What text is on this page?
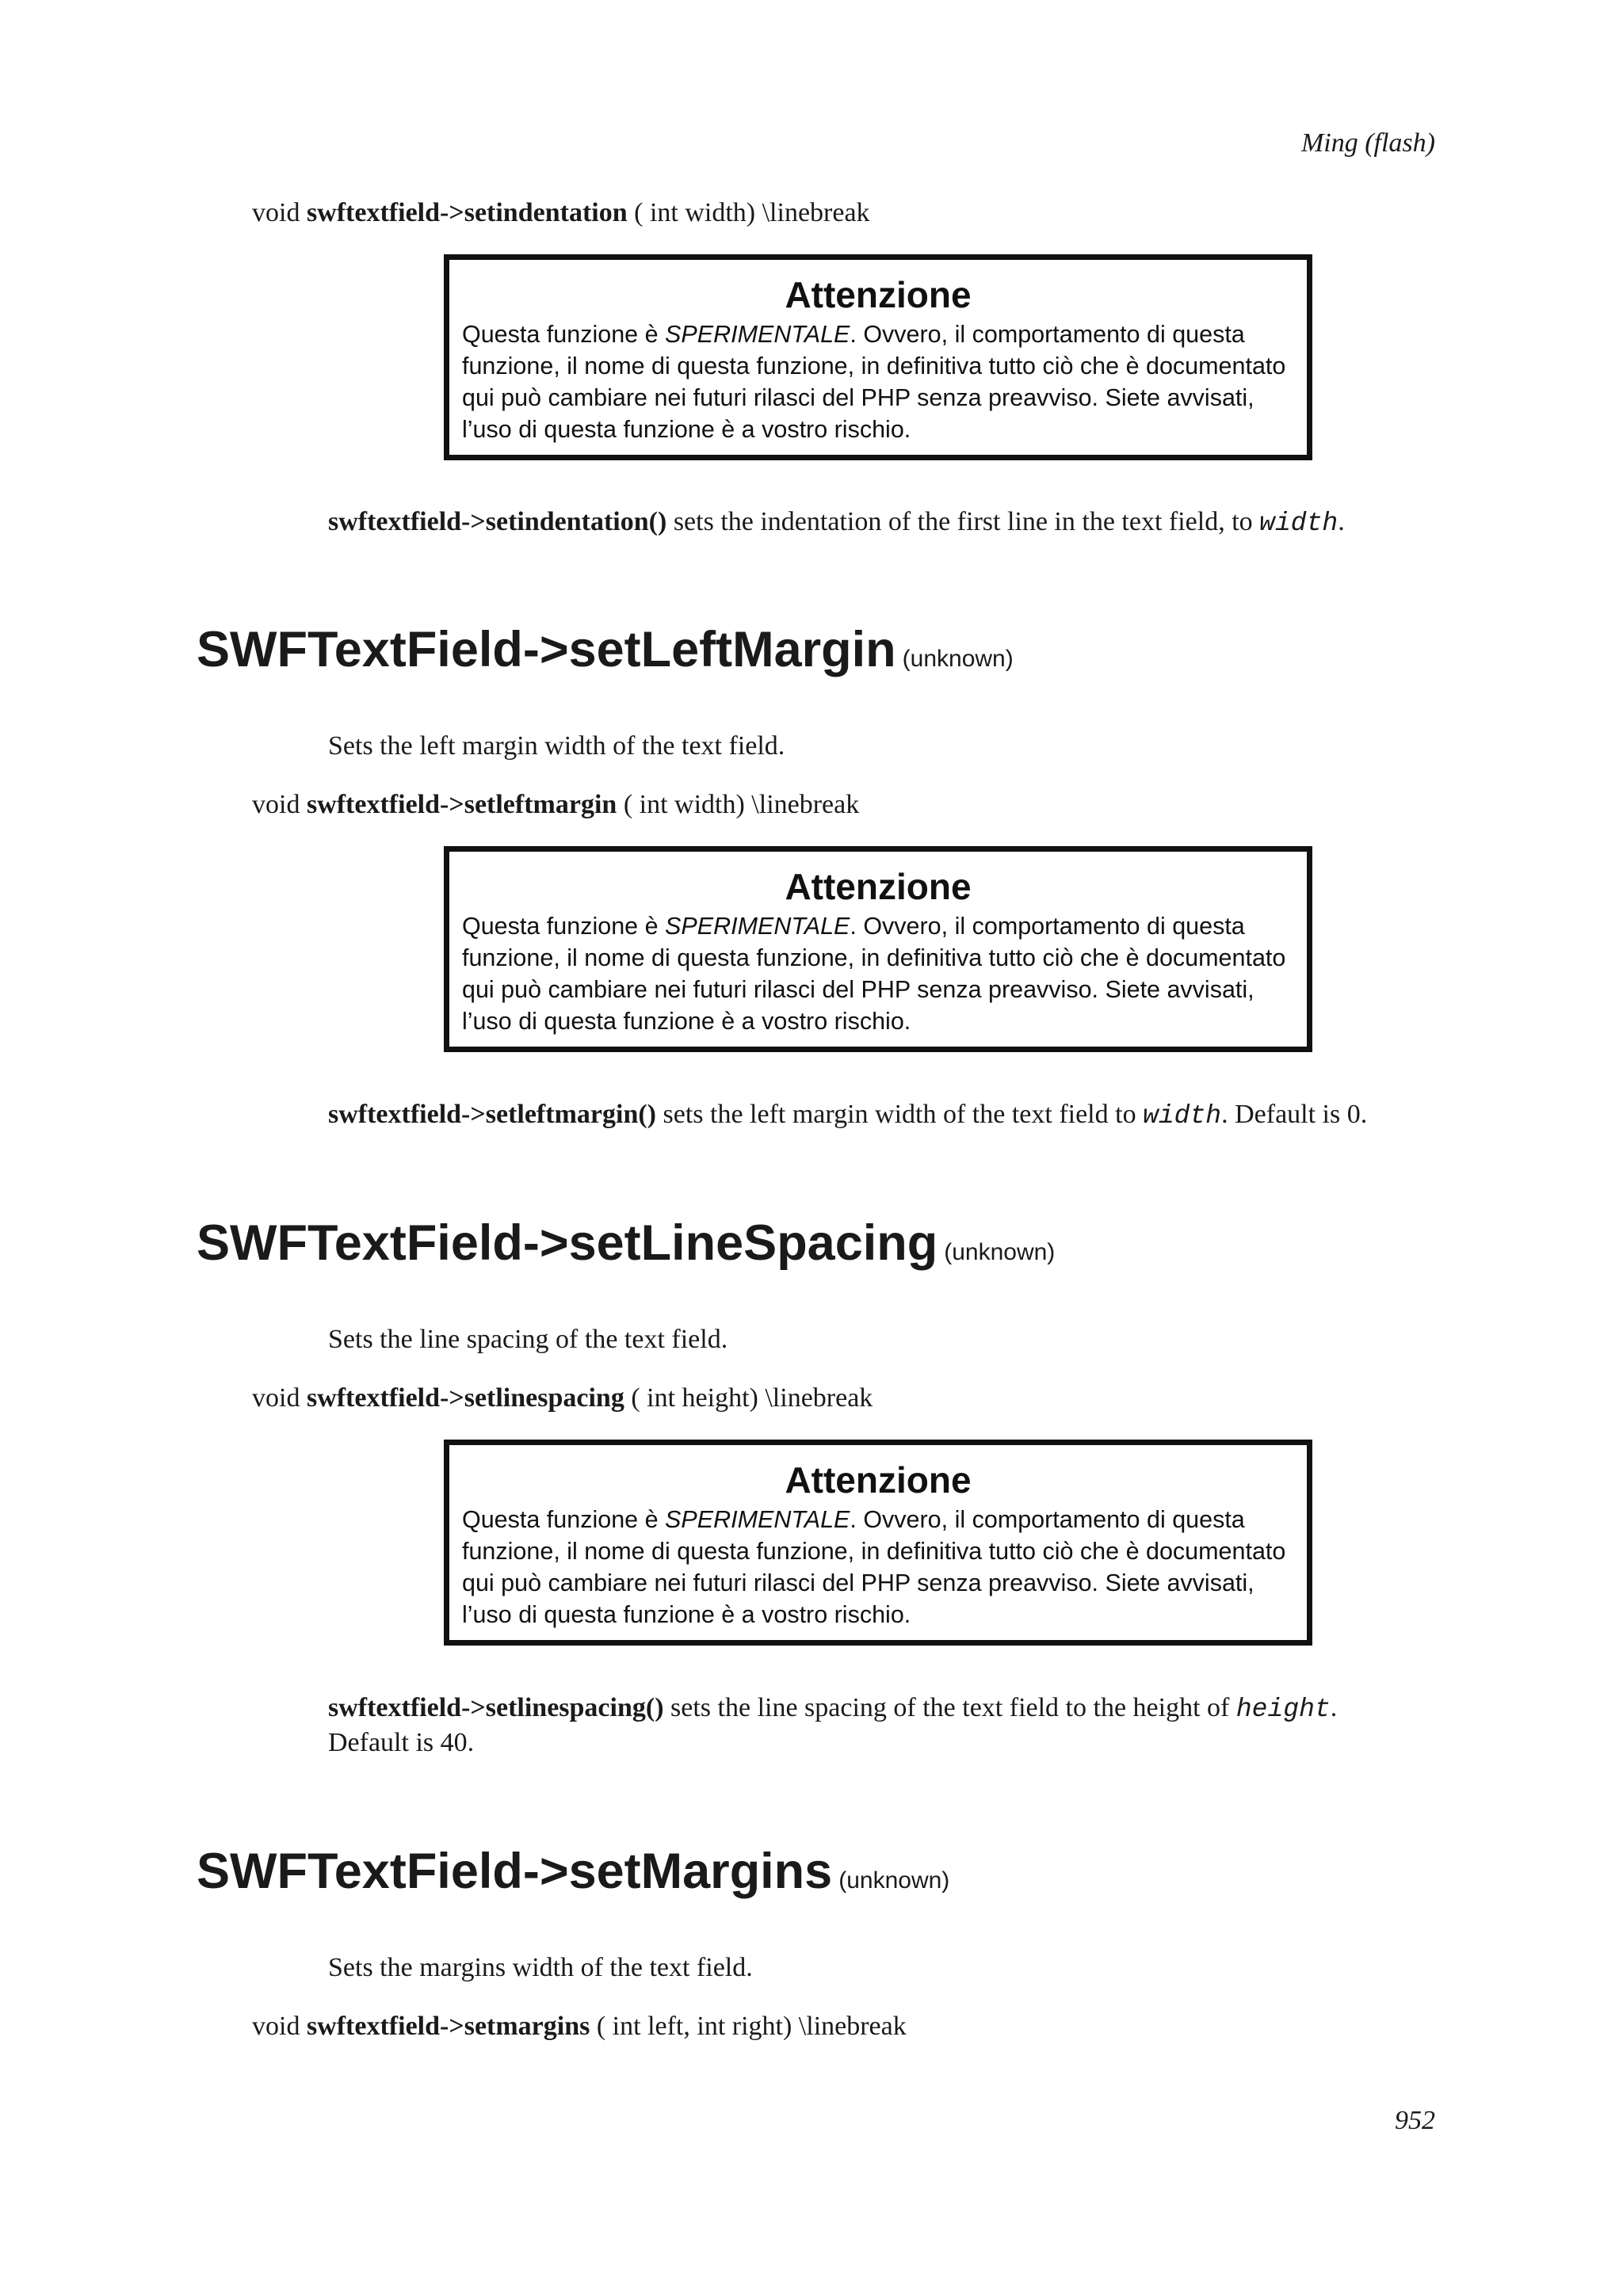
Ming (flash)
void swftextfield->setindentation ( int width) \linebreak
Attenzione
Questa funzione è SPERIMENTALE. Ovvero, il comportamento di questa funzione, il nome di questa funzione, in definitiva tutto ciò che è documentato qui può cambiare nei futuri rilasci del PHP senza preavviso. Siete avvisati, l’uso di questa funzione è a vostro rischio.
swftextfield->setindentation() sets the indentation of the first line in the text field, to width.
SWFTextField->setLeftMargin (unknown)
Sets the left margin width of the text field.
void swftextfield->setleftmargin ( int width) \linebreak
Attenzione
Questa funzione è SPERIMENTALE. Ovvero, il comportamento di questa funzione, il nome di questa funzione, in definitiva tutto ciò che è documentato qui può cambiare nei futuri rilasci del PHP senza preavviso. Siete avvisati, l’uso di questa funzione è a vostro rischio.
swftextfield->setleftmargin() sets the left margin width of the text field to width. Default is 0.
SWFTextField->setLineSpacing (unknown)
Sets the line spacing of the text field.
void swftextfield->setlinespacing ( int height) \linebreak
Attenzione
Questa funzione è SPERIMENTALE. Ovvero, il comportamento di questa funzione, il nome di questa funzione, in definitiva tutto ciò che è documentato qui può cambiare nei futuri rilasci del PHP senza preavviso. Siete avvisati, l’uso di questa funzione è a vostro rischio.
swftextfield->setlinespacing() sets the line spacing of the text field to the height of height.
Default is 40.
SWFTextField->setMargins (unknown)
Sets the margins width of the text field.
void swftextfield->setmargins ( int left, int right) \linebreak
952
